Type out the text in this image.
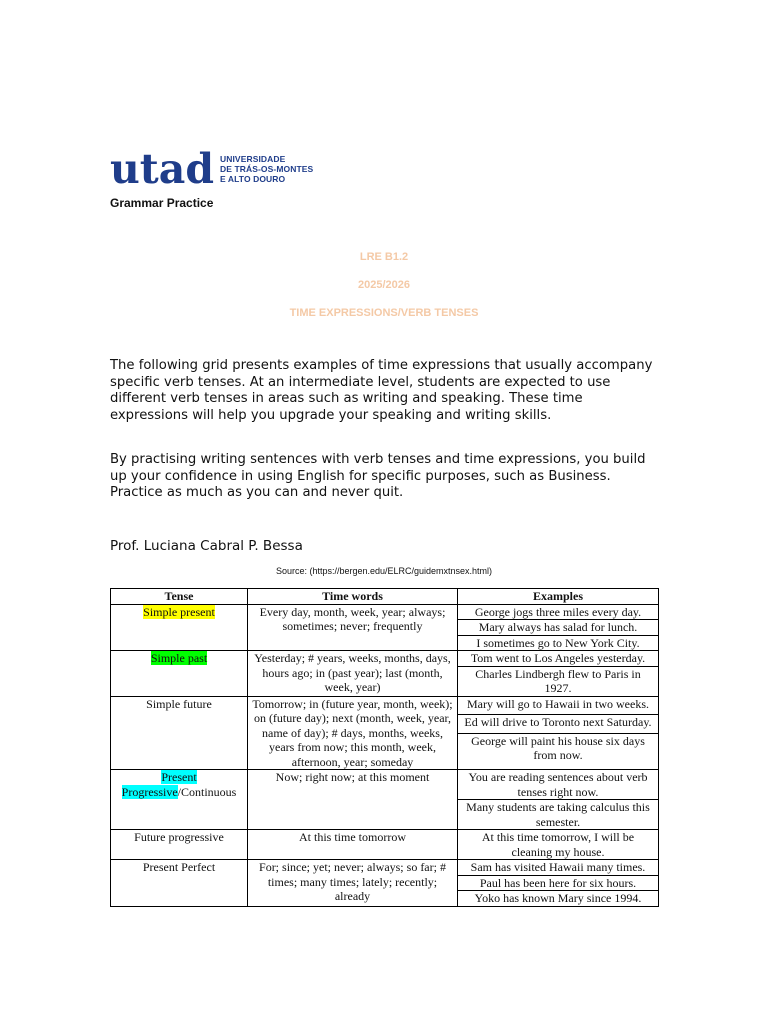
utad UNIVERSIDADE
DE TRÁS-OS-MONTES
E ALTO DOURO
Grammar Practice
LRE B1.2
2025/2026
TIME EXPRESSIONS/VERB TENSES

The following grid presents examples of time expressions that usually accompany specific verb tenses. At an intermediate level, students are expected to use different verb tenses in areas such as writing and speaking. These time expressions will help you upgrade your speaking and writing skills.

By practising writing sentences with verb tenses and time expressions, you build up your confidence in using English for specific purposes, such as Business. Practice as much as you can and never quit.

Prof. Luciana Cabral P. Bessa
Source: (https://bergen.edu/ELRC/guidemxtnsex.html)
Tense	Time words	Examples
Simple present	Every day, month, week, year; always; sometimes; never; frequently	George jogs three miles every day.
		Mary always has salad for lunch.
		I sometimes go to New York City.
Simple past	Yesterday; # years, weeks, months, days, hours ago; in (past year); last (month, week, year)	Tom went to Los Angeles yesterday.
		Charles Lindbergh flew to Paris in 1927.
Simple future	Tomorrow; in (future year, month, week); on (future day); next (month, week, year, name of day); # days, months, weeks, years from now; this month, week, afternoon, year; someday	Mary will go to Hawaii in two weeks.
		Ed will drive to Toronto next Saturday.
		George will paint his house six days from now.
Present Progressive/Continuous	Now; right now; at this moment	You are reading sentences about verb tenses right now.
		Many students are taking calculus this semester.
Future progressive	At this time tomorrow	At this time tomorrow, I will be cleaning my house.
Present Perfect	For; since; yet; never; always; so far; # times; many times; lately; recently; already	Sam has visited Hawaii many times.
		Paul has been here for six hours.
		Yoko has known Mary since 1994.
